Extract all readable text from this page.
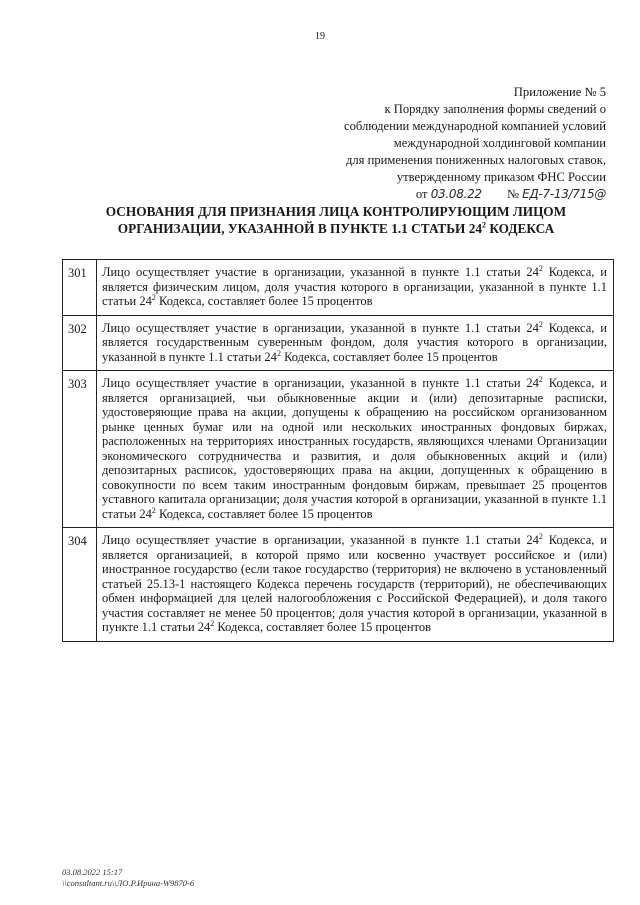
19
Приложение № 5
к Порядку заполнения формы сведений о
соблюдении международной компанией условий
международной холдинговой компании
для применения пониженных налоговых ставок,
утвержденному приказом ФНС России
от 03.08.22 № ЕД-7-13/715@
ОСНОВАНИЯ ДЛЯ ПРИЗНАНИЯ ЛИЦА КОНТРОЛИРУЮЩИМ ЛИЦОМ
ОРГАНИЗАЦИИ, УКАЗАННОЙ В ПУНКТЕ 1.1 СТАТЬИ $24^2$ КОДЕКСА
301	Лицо осуществляет участие в организации, указанной в пункте 1.1 статьи $24^2$ Кодекса, и является физическим лицом, доля участия которого в организации, указанной в пункте 1.1 статьи $24^2$ Кодекса, составляет более 15 процентов
302	Лицо осуществляет участие в организации, указанной в пункте 1.1 статьи $24^2$ Кодекса, и является государственным суверенным фондом, доля участия которого в организации, указанной в пункте 1.1 статьи $24^2$ Кодекса, составляет более 15 процентов
303	Лицо осуществляет участие в организации, указанной в пункте 1.1 статьи $24^2$ Кодекса, и является организацией, чьи обыкновенные акции и (или) депозитарные расписки, удостоверяющие права на акции, допущены к обращению на российском организованном рынке ценных бумаг или на одной или нескольких иностранных фондовых биржах, расположенных на территориях иностранных государств, являющихся членами Организации экономического сотрудничества и развития, и доля обыкновенных акций и (или) депозитарных расписок, удостоверяющих права на акции, допущенных к обращению в совокупности по всем таким иностранным фондовым биржам, превышает 25 процентов уставного капитала организации; доля участия которой в организации, указанной в пункте 1.1 статьи $24^2$ Кодекса, составляет более 15 процентов
304	Лицо осуществляет участие в организации, указанной в пункте 1.1 статьи $24^2$ Кодекса, и является организацией, в которой прямо или косвенно участвует российское и (или) иностранное государство (если такое государство (территория) не включено в установленный статьей 25.13-1 настоящего Кодекса перечень государств (территорий), не обеспечивающих обмен информацией для целей налогообложения с Российской Федерацией), и доля такого участия составляет не менее 50 процентов; доля участия которой в организации, указанной в пункте 1.1 статьи $24^2$ Кодекса, составляет более 15 процентов
03.08.2022 15:17
\\consultant.ru\\ЛО.Р.Ирина-W9870-6
